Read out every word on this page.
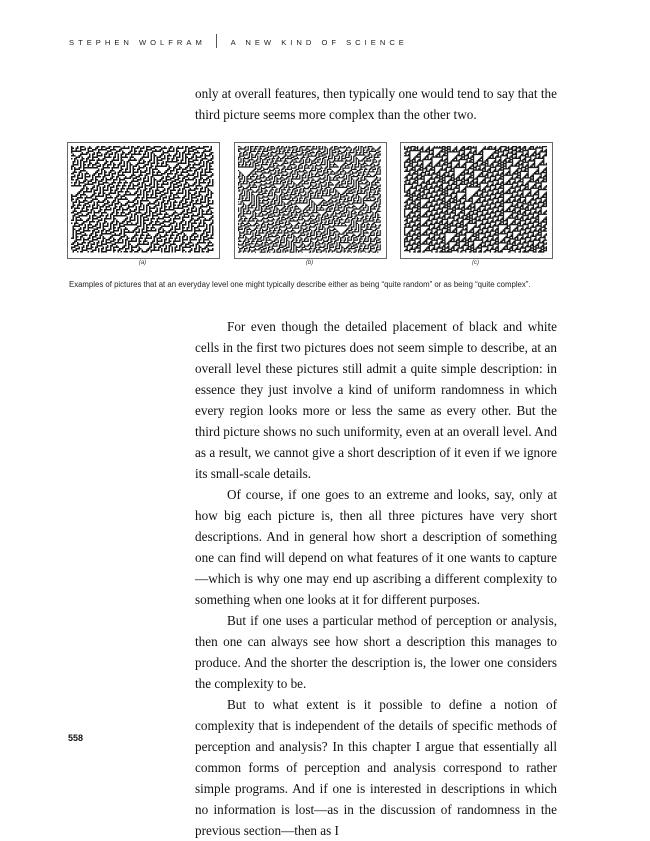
STEPHEN WOLFRAM	A NEW KIND OF SCIENCE
only at overall features, then typically one would tend to say that the third picture seems more complex than the other two.
(a)	(b)	(c)
Examples of pictures that at an everyday level one might typically describe either as being “quite random” or as being “quite complex”.

For even though the detailed placement of black and white cells in the first two pictures does not seem simple to describe, at an overall level these pictures still admit a quite simple description: in essence they just involve a kind of uniform randomness in which every region looks more or less the same as every other. But the third picture shows no such uniformity, even at an overall level. And as a result, we cannot give a short description of it even if we ignore its small-scale details.

Of course, if one goes to an extreme and looks, say, only at how big each picture is, then all three pictures have very short descriptions. And in general how short a description of something one can find will depend on what features of it one wants to capture—which is why one may end up ascribing a different complexity to something when one looks at it for different purposes.

But if one uses a particular method of perception or analysis, then one can always see how short a description this manages to produce. And the shorter the description is, the lower one considers the complexity to be.

But to what extent is it possible to define a notion of complexity that is independent of the details of specific methods of perception and analysis? In this chapter I argue that essentially all common forms of perception and analysis correspond to rather simple programs. And if one is interested in descriptions in which no information is lost—as in the discussion of randomness in the previous section—then as I

558
